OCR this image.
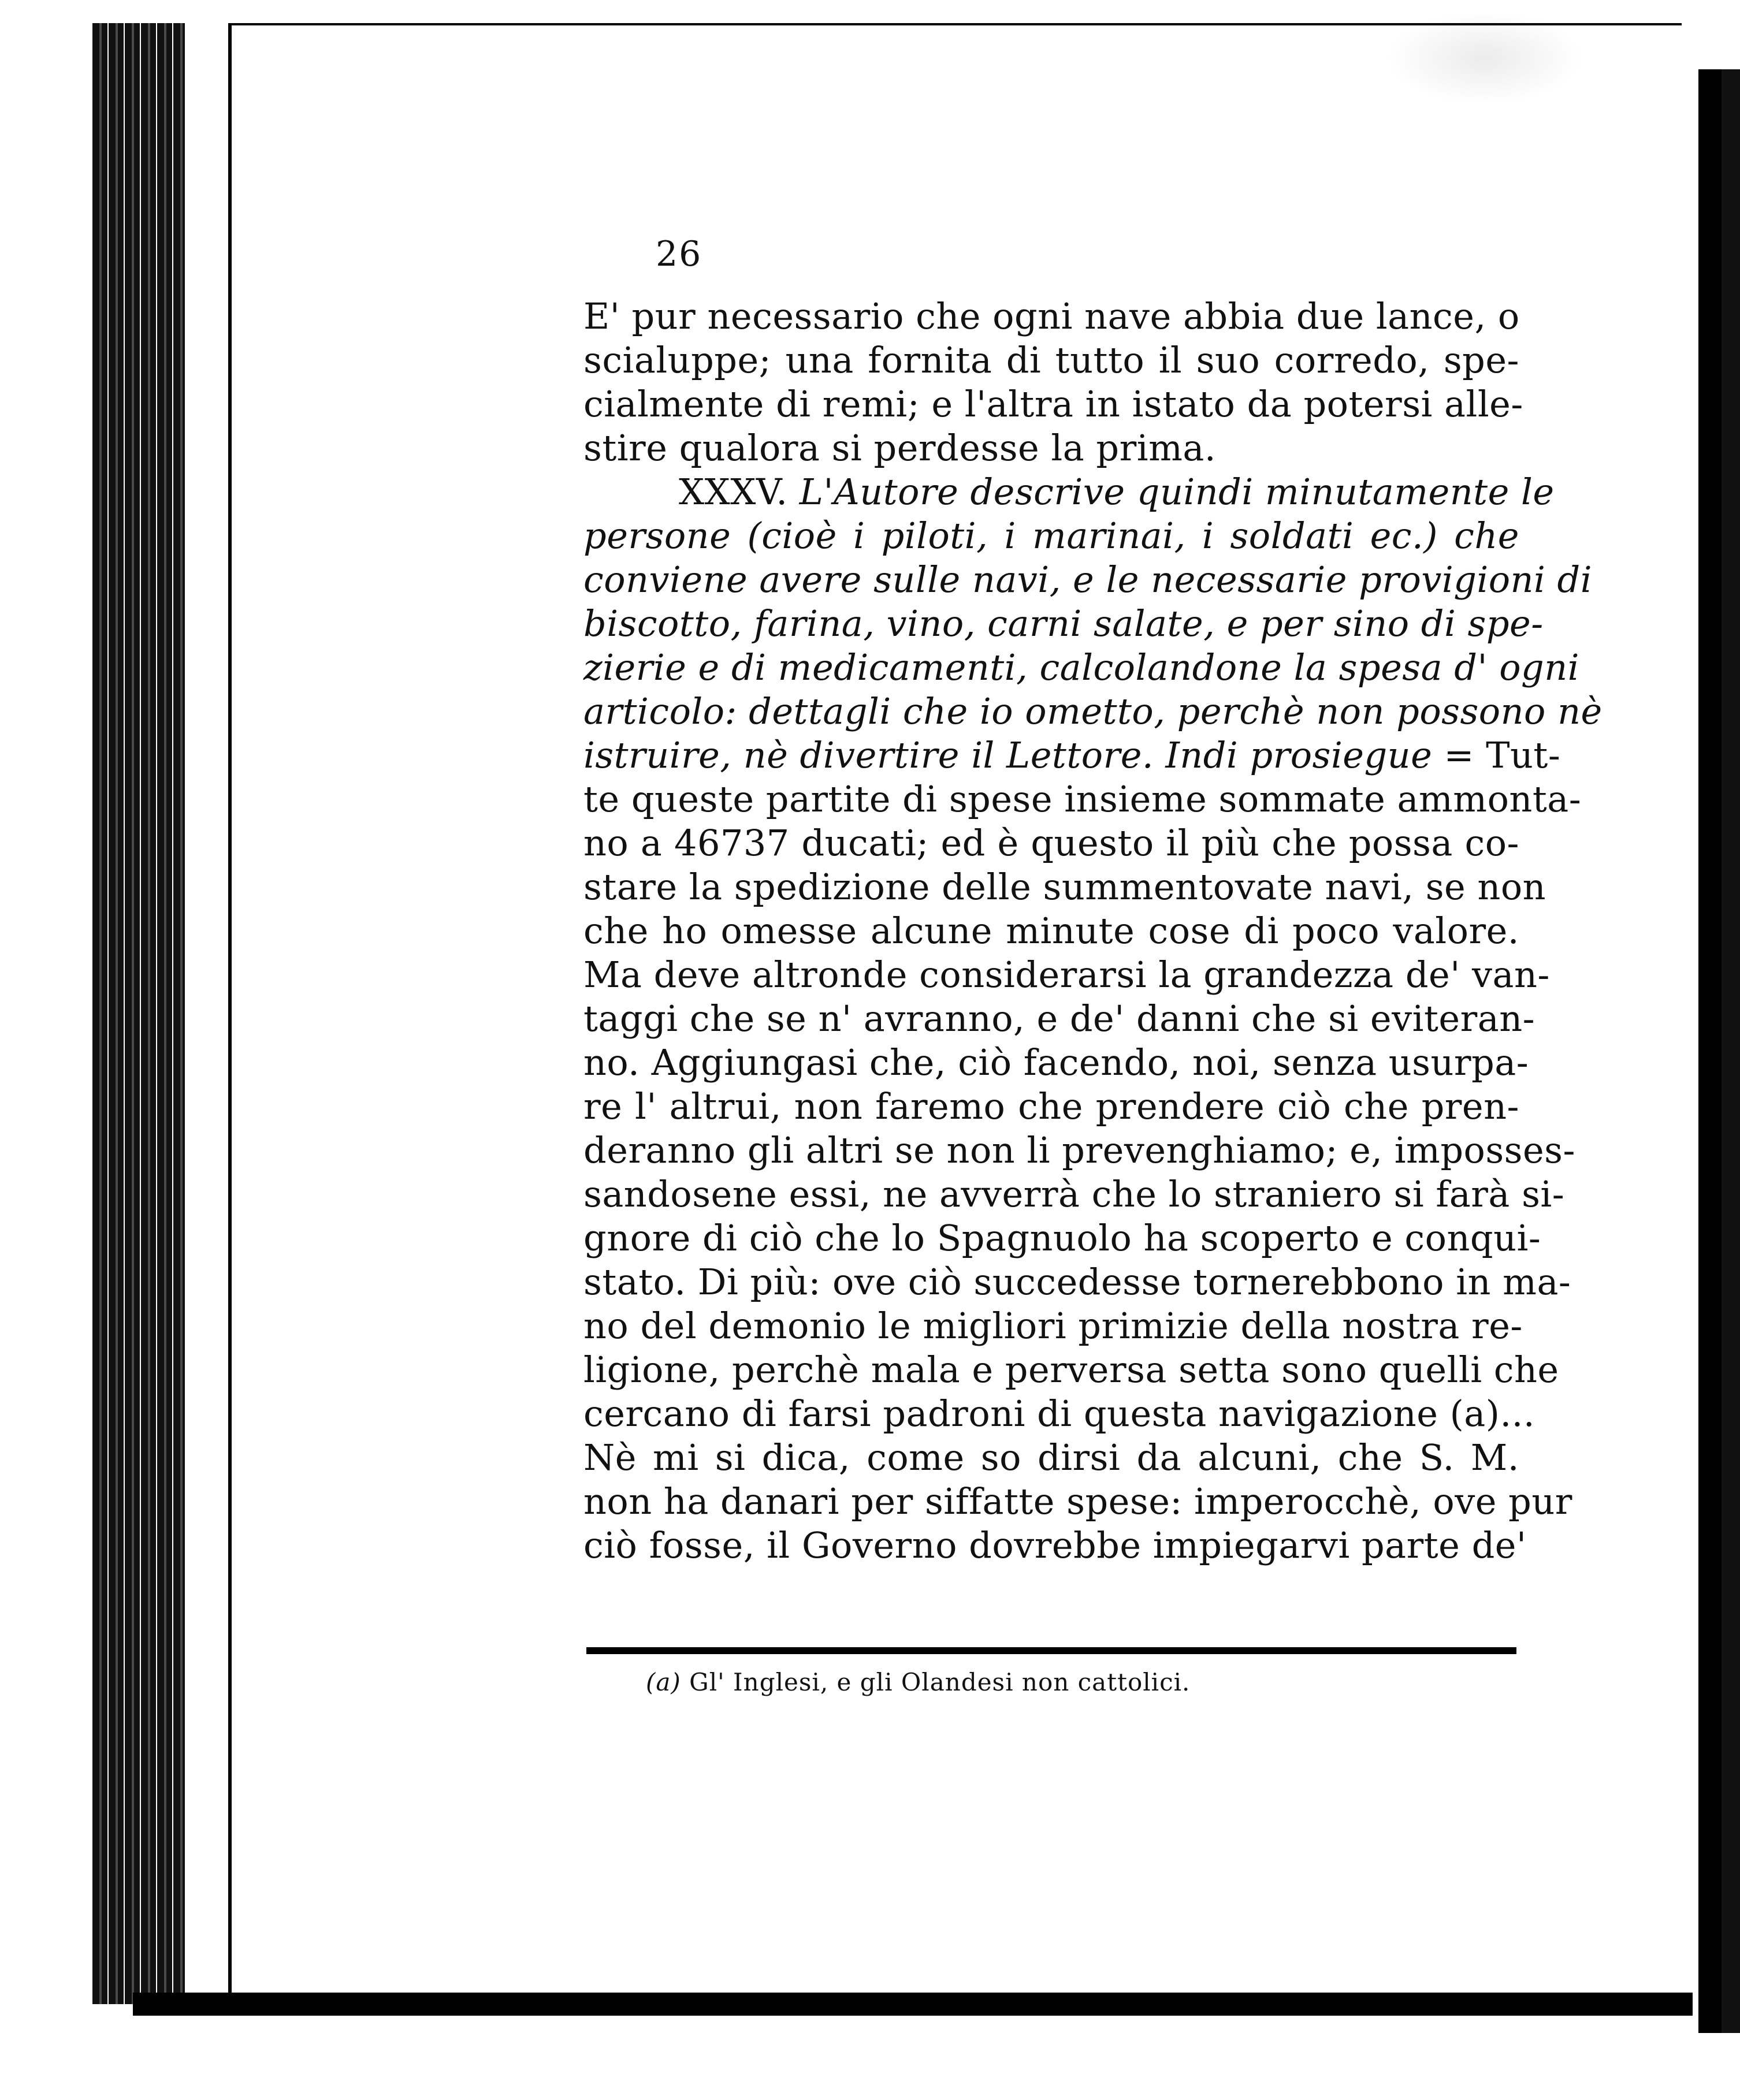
26
E' pur necessario che ogni nave abbia due lance, o
scialuppe; una fornita di tutto il suo corredo, spe-
cialmente di remi; e l'altra in istato da potersi alle-
stire qualora si perdesse la prima.
XXXV. L'Autore descrive quindi minutamente le
persone (cioè i piloti, i marinai, i soldati ec.) che
conviene avere sulle navi, e le necessarie provigioni di
biscotto, farina, vino, carni salate, e per sino di spe-
zierie e di medicamenti, calcolandone la spesa d' ogni
articolo: dettagli che io ometto, perchè non possono nè
istruire, nè divertire il Lettore. Indi prosiegue = Tut-
te queste partite di spese insieme sommate ammonta-
no a 46737 ducati; ed è questo il più che possa co-
stare la spedizione delle summentovate navi, se non
che ho omesse alcune minute cose di poco valore.
Ma deve altronde considerarsi la grandezza de' van-
taggi che se n' avranno, e de' danni che si eviteran-
no. Aggiungasi che, ciò facendo, noi, senza usurpa-
re l' altrui, non faremo che prendere ciò che pren-
deranno gli altri se non li prevenghiamo; e, imposses-
sandosene essi, ne avverrà che lo straniero si farà si-
gnore di ciò che lo Spagnuolo ha scoperto e conqui-
stato. Di più: ove ciò succedesse tornerebbono in ma-
no del demonio le migliori primizie della nostra re-
ligione, perchè mala e perversa setta sono quelli che
cercano di farsi padroni di questa navigazione (a)...
Nè mi si dica, come so dirsi da alcuni, che S. M.
non ha danari per siffatte spese: imperocchè, ove pur
ciò fosse, il Governo dovrebbe impiegarvi parte de'
(a) Gl' Inglesi, e gli Olandesi non cattolici.
